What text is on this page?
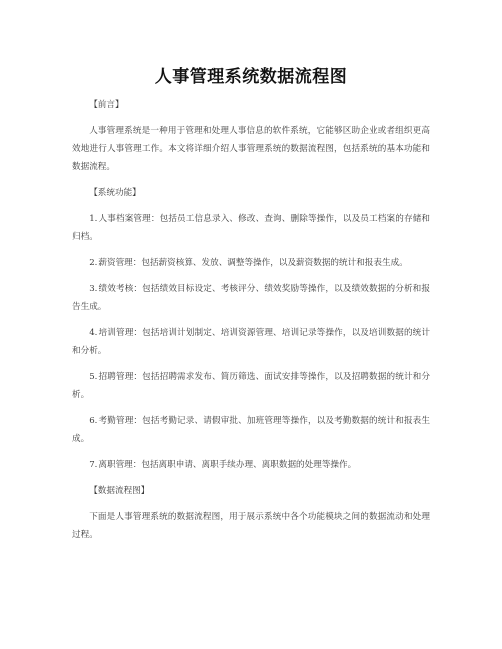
人事管理系统数据流程图

【前言】

人事管理系统是一种用于管理和处理人事信息的软件系统，它能够区助企业或者组织更高效地进行人事管理工作。本文将详细介绍人事管理系统的数据流程图，包括系统的基本功能和数据流程。

【系统功能】

1.人事档案管理：包括员工信息录入、修改、查询、删除等操作，以及员工档案的存储和归档。

2.薪资管理：包括薪资核算、发放、调整等操作，以及薪资数据的统计和报表生成。

3.绩效考核：包括绩效目标设定、考核评分、绩效奖励等操作，以及绩效数据的分析和报告生成。

4.培训管理：包括培训计划制定、培训资源管理、培训记录等操作，以及培训数据的统计和分析。

5.招聘管理：包括招聘需求发布、简历筛选、面试安排等操作，以及招聘数据的统计和分析。

6.考勤管理：包括考勤记录、请假审批、加班管理等操作，以及考勤数据的统计和报表生成。

7.离职管理：包括离职申请、离职手续办理、离职数据的处理等操作。

【数据流程图】

下面是人事管理系统的数据流程图，用于展示系统中各个功能模块之间的数据流动和处理过程。
